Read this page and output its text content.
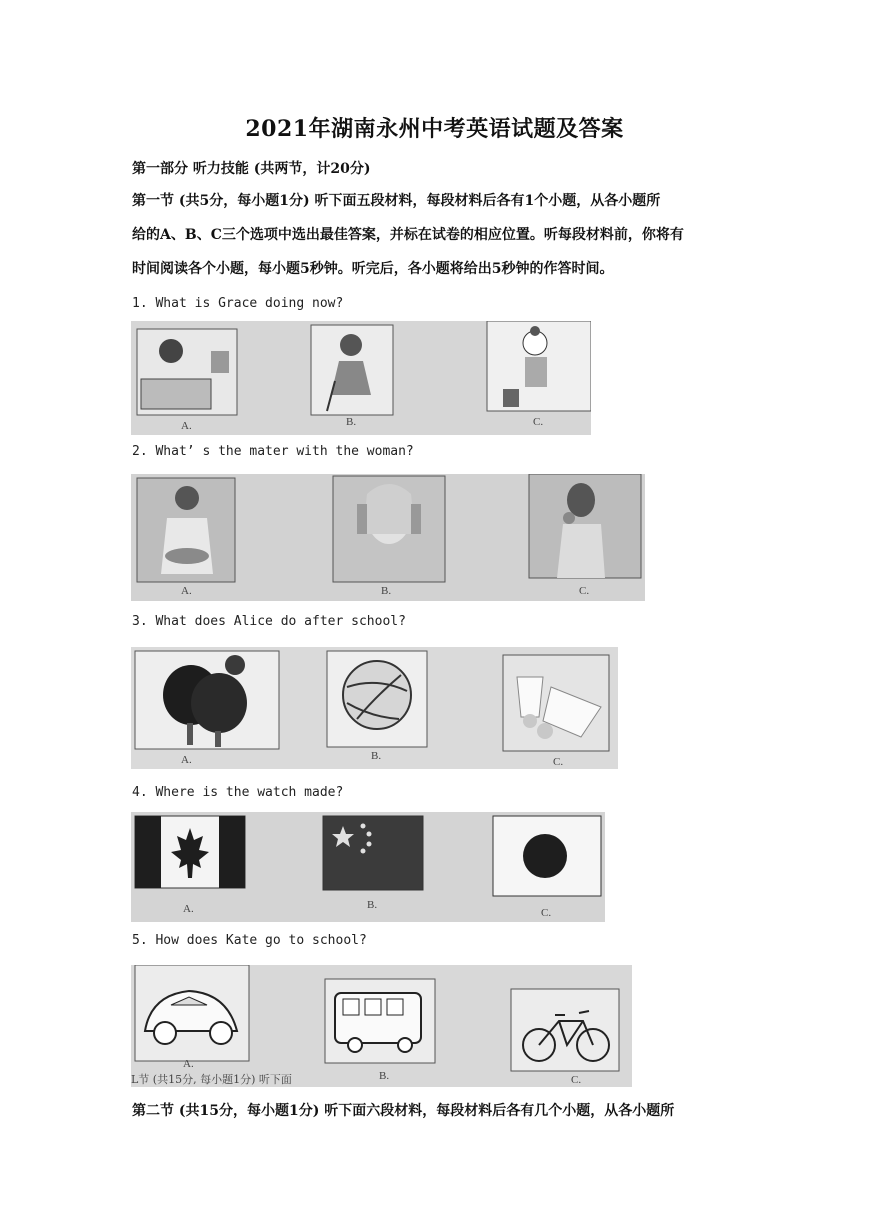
2021年湖南永州中考英语试题及答案
第一部分 听力技能 (共两节，计20分)
第一节 (共5分，每小题1分) 听下面五段材料，每段材料后各有1个小题，从各小题所
给的A、B、C三个选项中选出最佳答案，并标在试卷的相应位置。听每段材料前，你将有
时间阅读各个小题，每小题5秒钟。听完后，各小题将给出5秒钟的作答时间。
1. What is Grace doing now?
A.	B.	C.
2. What’ s the mater with the woman?
A.	B.	C.
3. What does Alice do after school?
A.	B.	C.
4. Where is the watch made?
A.	B.
C.
5. How does Kate go to school?
A.
B.	C.
L节 (共15分, 每小题1分) 听下面
第二节 (共15分，每小题1分) 听下面六段材料，每段材料后各有几个小题，从各小题所
